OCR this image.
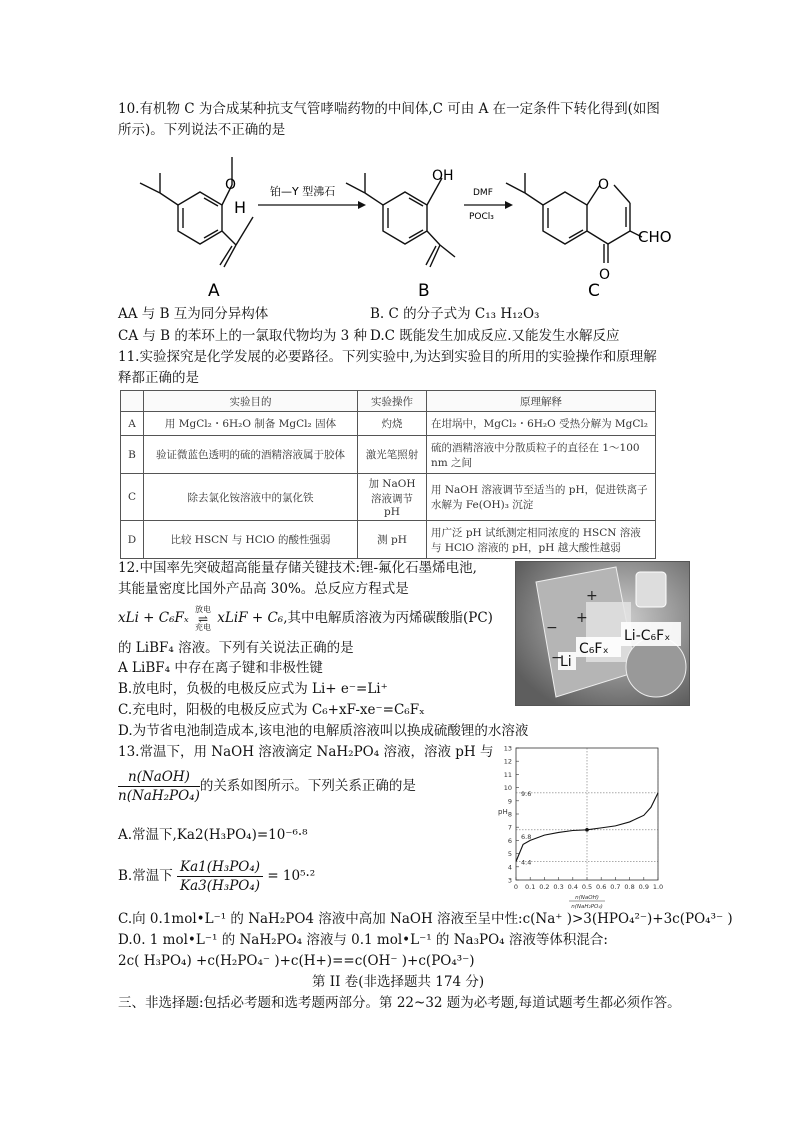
10.有机物 C 为合成某种抗支气管哮喘药物的中间体,C 可由 A 在一定条件下转化得到(如图
所示)。下列说法不正确的是
O
H
铂—Y 型沸石
OH
DMF
POCl₃
O
CHO
O
A	B	C
AA 与 B 互为同分异构体	B. C 的分子式为 C₁₃ H₁₂O₃
CA 与 B 的苯环上的一氯取代物均为 3 种 D.C 既能发生加成反应.又能发生水解反应
11.实验探究是化学发展的必要路径。下列实验中,为达到实验目的所用的实验操作和原理解
释都正确的是
	实验目的	实验操作	原理解释
A	用 MgCl₂・6H₂O 制备 MgCl₂ 固体	灼烧	在坩埚中，MgCl₂・6H₂O 受热分解为 MgCl₂
B	验证微蓝色透明的硫的酒精溶液属于胶体	激光笔照射	硫的酒精溶液中分散质粒子的直径在 1～100 nm 之间
C	除去氯化铵溶液中的氯化铁	加 NaOH 溶液调节 pH	用 NaOH 溶液调节至适当的 pH，促进铁离子水解为 Fe(OH)₃ 沉淀
D	比较 HSCN 与 HClO 的酸性强弱	测 pH	用广泛 pH 试纸测定相同浓度的 HSCN 溶液与 HClO 溶液的 pH，pH 越大酸性越弱
12.中国率先突破超高能量存储关键技术:锂-氟化石墨烯电池,
其能量密度比国外产品高 30%。总反应方程式是
xLi + C₆Fₓ
放电
⇌
充电
xLiF + C₆,其中电解质溶液为丙烯碳酸脂(PC)
的 LiBF₄ 溶液。下列有关说法正确的是
A LiBF₄ 中存在离子键和非极性键
B.放电时，负极的电极反应式为 Li+ e⁻=Li⁺
C.充电时，阳极的电极反应式为 C₆+xF-xe⁻=C₆Fₓ
D.为节省电池制造成本,该电池的电解质溶液叫以换成硫酸锂的水溶液
Li-C₆Fₓ
C₆Fₓ
Li
+
+
−
−
13.常温下，用 NaOH 溶液滴定 NaH₂PO₄ 溶液，溶液 pH 与
$\frac{\text{n(NaOH)}}{\text{n(NaH₂PO₄)}}$ 的关系如图所示。下列关系正确的是
A.常温下,Ka2(H₃PO₄)=10⁻⁶·⁸
B.常温下 $\frac{\text{Ka1(H₃PO₄)}}{\text{Ka3(H₃PO₄)}} = 10^5\cdot^2$
C.向 0.1mol•L⁻¹ 的 NaH₂PO4 溶液中高加 NaOH 溶液至呈中性:c(Na⁺ )>3(HPO₄²⁻)+3c(PO₄³⁻ )
D.0. 1 mol•L⁻¹ 的 NaH₂PO₄ 溶液与 0.1 mol•L⁻¹ 的 Na₃PO₄ 溶液等体积混合:
2c( H₃PO₄) +c(H₂PO₄⁻ )+c(H+)==c(OH⁻ )+c(PO₄³⁻)
3
4
5
6
7
8
9
10
11
12
13
0 0.1 0.2 0.3 0.4 0.5 0.6 0.7 0.8 0.9 1.0
9.6
6.8
4.4
pH
n(NaOH)
n(NaH₂PO₄)
第 II 卷(非选择题共 174 分)
三、非选择题:包括必考题和选考题两部分。第 22~32 题为必考题,每道试题考生都必须作答。
